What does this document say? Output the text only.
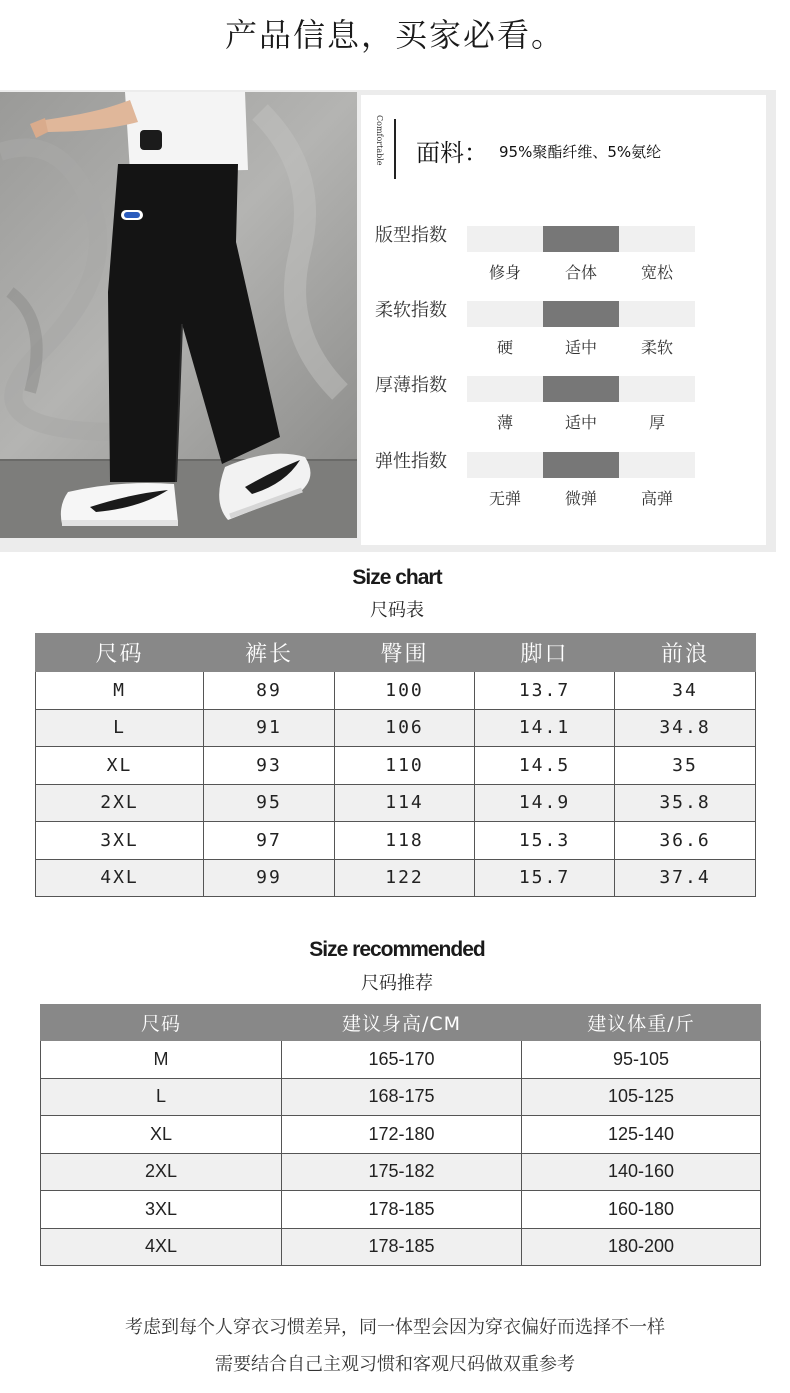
产品信息，买家必看。
Comfortable 面料： 95%聚酯纤维、5%氨纶
版型指数
修身	合体	宽松
柔软指数
硬	适中	柔软
厚薄指数
薄	适中	厚
弹性指数
无弹	微弹	高弹
Size chart
尺码表
尺码	裤长	臀围	脚口	前浪
M	89	100	13.7	34
L	91	106	14.1	34.8
XL	93	110	14.5	35
2XL	95	114	14.9	35.8
3XL	97	118	15.3	36.6
4XL	99	122	15.7	37.4
Size recommended
尺码推荐
尺码	建议身高/CM	建议体重/斤
M	165-170	95-105
L	168-175	105-125
XL	172-180	125-140
2XL	175-182	140-160
3XL	178-185	160-180
4XL	178-185	180-200
考虑到每个人穿衣习惯差异，同一体型会因为穿衣偏好而选择不一样
需要结合自己主观习惯和客观尺码做双重参考
